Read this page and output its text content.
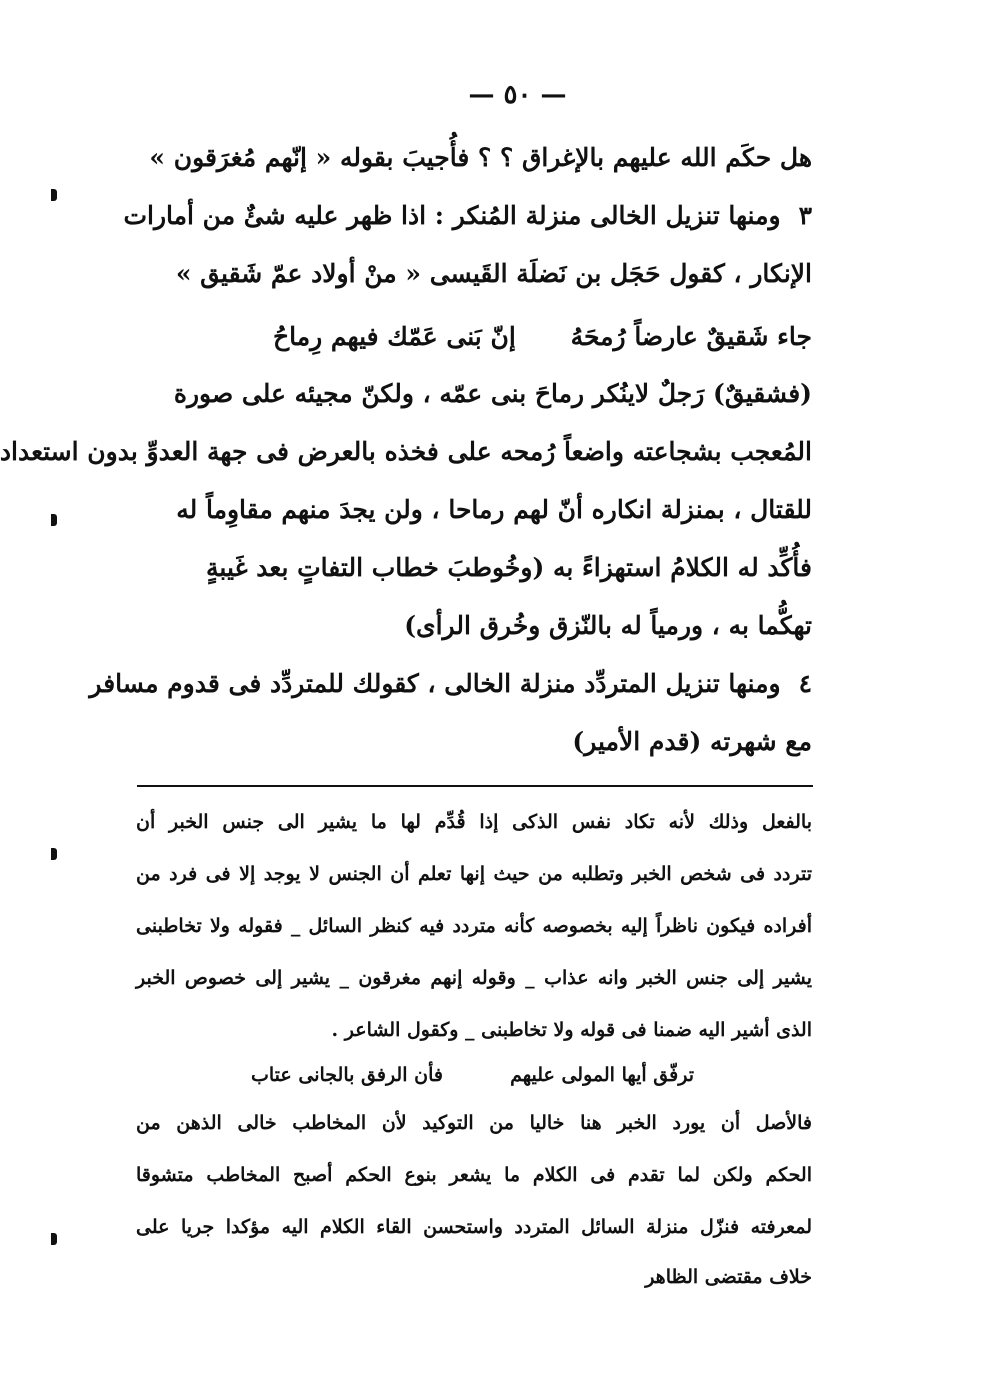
— ٥٠ —
هل حكَم الله عليهم بالإغراق ؟ ؟ فأُجيبَ بقوله « إنّهم مُغرَقون »
٣ومنها تنزيل الخالى منزلة المُنكر : اذا ظهر عليه شئٌ من أمارات
الإنكار ، كقول حَجَل بن نَضلَة القَيسى « منْ أولاد عمّ شَقيق »
جاء شَقيقٌ عارضاً رُمحَهُ
إنّ بَنى عَمّك فيهم رِماحُ
(فشقيقٌ) رَجلٌ لاينُكر رماحَ بنى عمّه ، ولكنّ مجيئه على صورة
المُعجب بشجاعته واضعاً رُمحه على فخذه بالعرض فى جهة العدوِّ بدون استعداد
للقتال ، بمنزلة انكاره أنّ لهم رماحا ، ولن يجدَ منهم مقاوِماً له
فأُكِّد له الكلامُ استهزاءً به (وخُوطبَ خطاب التفاتٍ بعد غَيبةٍ
تهكُّما به ، ورمياً له بالنّزق وخُرق الرأى)
٤ومنها تنزيل المتردِّد منزلة الخالى ، كقولك للمتردِّد فى قدوم مسافر
مع شهرته (قدم الأمير)
بالفعل وذلك لأنه تكاد نفس الذكى إذا قُدِّم لها ما يشير الى جنس الخبر أن
تتردد فى شخص الخبر وتطلبه من حيث إنها تعلم أن الجنس لا يوجد إلا فى فرد من
أفراده فيكون ناظراً إليه بخصوصه كأنه متردد فيه كنظر السائل _ فقوله ولا تخاطبنى
يشير إلى جنس الخبر وانه عذاب _ وقوله إنهم مغرقون _ يشير إلى خصوص الخبر
الذى أشير اليه ضمنا فى قوله ولا تخاطبنى _ وكقول الشاعر .
ترفّق أيها المولى عليهم
فأن الرفق بالجانى عتاب
فالأصل أن يورد الخبر هنا خاليا من التوكيد لأن المخاطب خالى الذهن من
الحكم ولكن لما تقدم فى الكلام ما يشعر بنوع الحكم أصبح المخاطب متشوقا
لمعرفته فنزّل منزلة السائل المتردد واستحسن القاء الكلام اليه مؤكدا جريا على
خلاف مقتضى الظاهر
